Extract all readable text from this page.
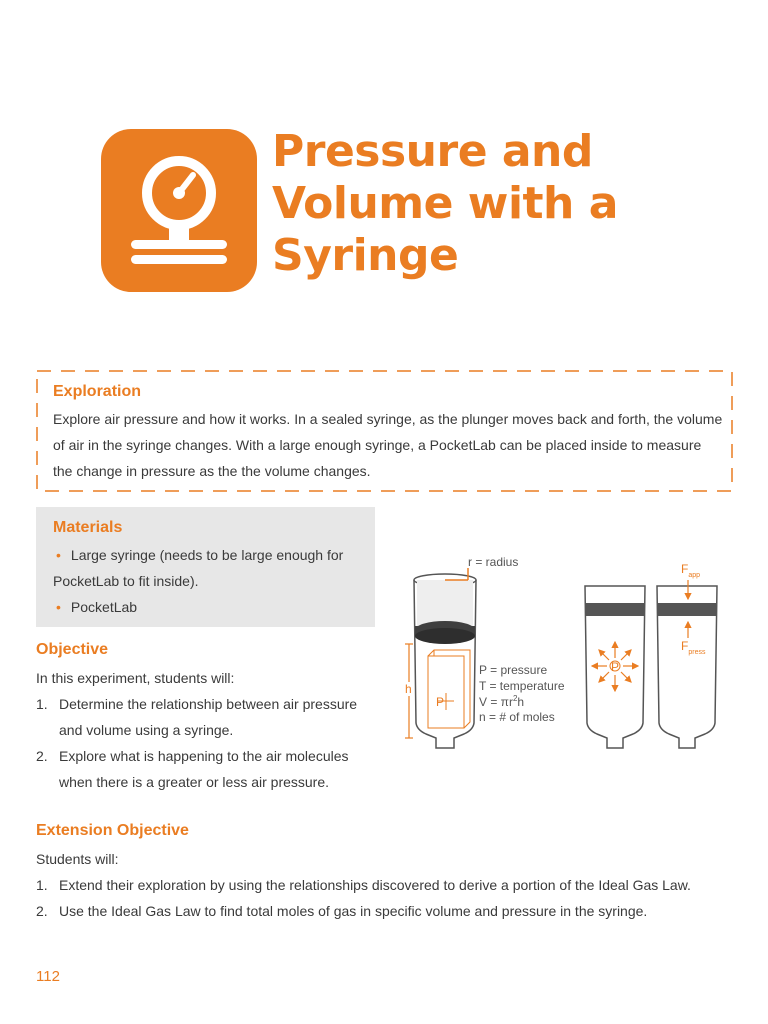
Pressure and
Volume with a
Syringe
Exploration

Explore air pressure and how it works. In a sealed syringe, as the plunger moves back and forth, the volume of air in the syringe changes. With a large enough syringe, a PocketLab can be placed inside to measure the change in pressure as the the volume changes.

Materials
• Large syringe (needs to be large enough for PocketLab to fit inside).
• PocketLab
Objective

In this experiment, students will:

1. Determine the relationship between air pressure and volume using a syringe.
2. Explore what is happening to the air molecules when there is a greater or less air pressure.
Extension Objective

Students will:

1. Extend their exploration by using the relationships discovered to derive a portion of the Ideal Gas Law.
2. Use the Ideal Gas Law to find total moles of gas in specific volume and pressure in the syringe.
r = radius
P
h
P = pressure
T = temperature
$V = \pi r^2h$
n = # of moles
P
$F_{app}$
$F_{press}$
112
